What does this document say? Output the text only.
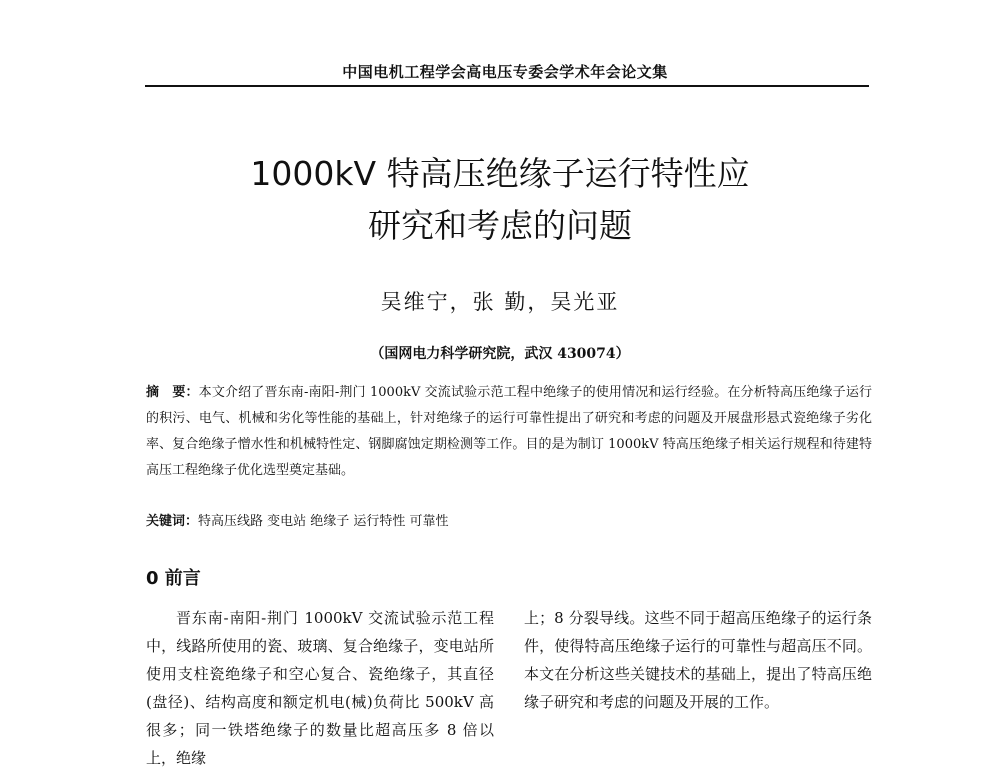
中国电机工程学会高电压专委会学术年会论文集
1000kV 特高压绝缘子运行特性应
研究和考虑的问题
吴维宁，张 勤，吴光亚
（国网电力科学研究院，武汉 430074）
摘　要：本文介绍了晋东南-南阳-荆门 1000kV 交流试验示范工程中绝缘子的使用情况和运行经验。在分析特高压绝缘子运行的积污、电气、机械和劣化等性能的基础上，针对绝缘子的运行可靠性提出了研究和考虑的问题及开展盘形悬式瓷绝缘子劣化率、复合绝缘子憎水性和机械特性定、钢脚腐蚀定期检测等工作。目的是为制订 1000kV 特高压绝缘子相关运行规程和待建特高压工程绝缘子优化选型奠定基础。
关键词：特高压线路 变电站 绝缘子 运行特性 可靠性
0 前言
晋东南-南阳-荆门 1000kV 交流试验示范工程中，线路所使用的瓷、玻璃、复合绝缘子，变电站所使用支柱瓷绝缘子和空心复合、瓷绝缘子，其直径(盘径)、结构高度和额定机电(械)负荷比 500kV 高很多；同一铁塔绝缘子的数量比超高压多 8 倍以上，绝缘
上；8 分裂导线。这些不同于超高压绝缘子的运行条件，使得特高压绝缘子运行的可靠性与超高压不同。本文在分析这些关键技术的基础上，提出了特高压绝缘子研究和考虑的问题及开展的工作。
